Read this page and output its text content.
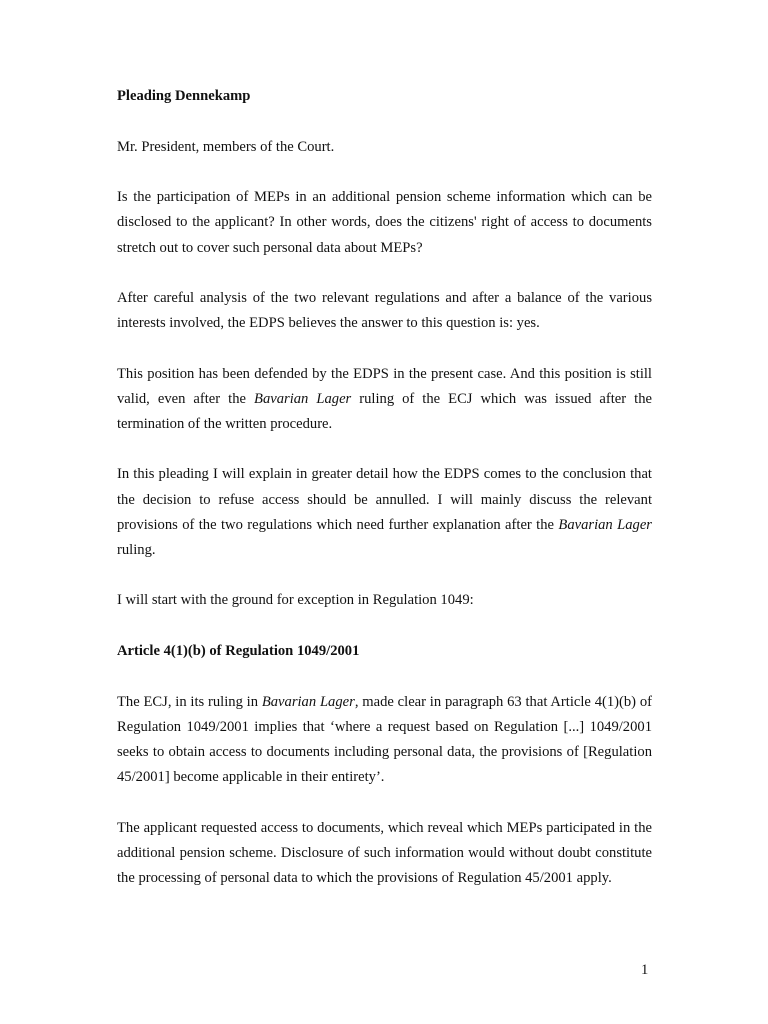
Pleading Dennekamp
Mr. President, members of the Court.
Is the participation of MEPs in an additional pension scheme information which can be disclosed to the applicant? In other words, does the citizens' right of access to documents stretch out to cover such personal data about MEPs?
After careful analysis of the two relevant regulations and after a balance of the various interests involved, the EDPS believes the answer to this question is: yes.
This position has been defended by the EDPS in the present case. And this position is still valid, even after the Bavarian Lager ruling of the ECJ which was issued after the termination of the written procedure.
In this pleading I will explain in greater detail how the EDPS comes to the conclusion that the decision to refuse access should be annulled. I will mainly discuss the relevant provisions of the two regulations which need further explanation after the Bavarian Lager ruling.
I will start with the ground for exception in Regulation 1049:
Article 4(1)(b) of Regulation 1049/2001
The ECJ, in its ruling in Bavarian Lager, made clear in paragraph 63 that Article 4(1)(b) of Regulation 1049/2001 implies that ‘where a request based on Regulation [...] 1049/2001 seeks to obtain access to documents including personal data, the provisions of [Regulation 45/2001] become applicable in their entirety’.
The applicant requested access to documents, which reveal which MEPs participated in the additional pension scheme. Disclosure of such information would without doubt constitute the processing of personal data to which the provisions of Regulation 45/2001 apply.
1
